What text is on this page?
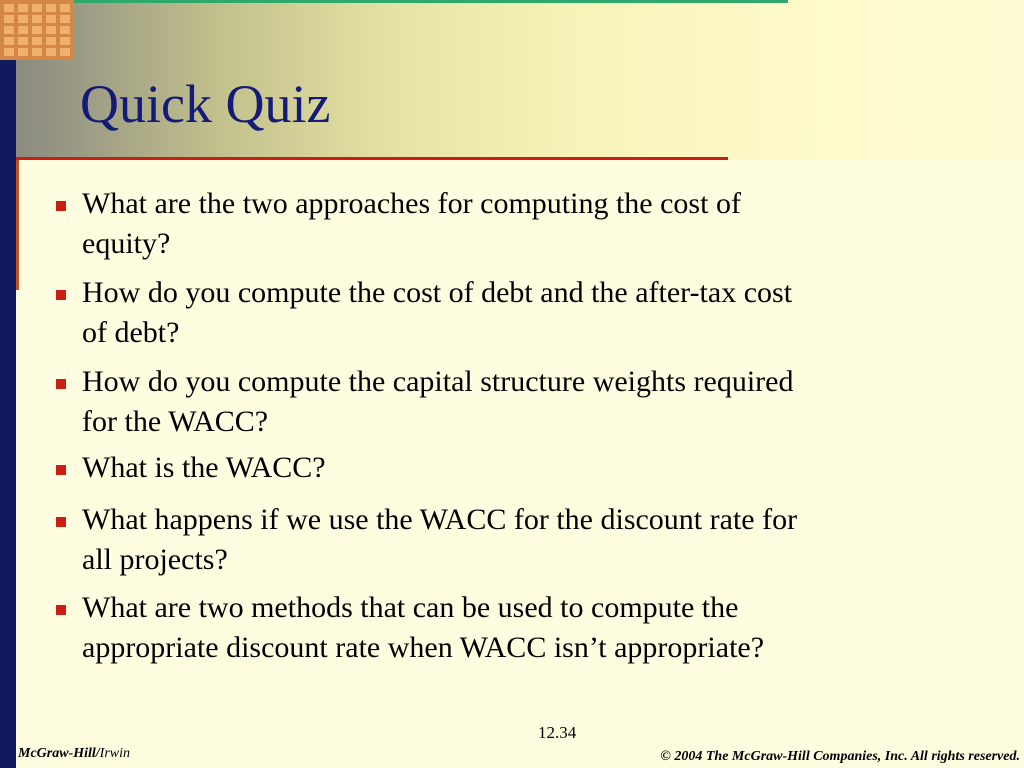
Quick Quiz
What are the two approaches for computing the cost of
equity?
How do you compute the cost of debt and the after-tax cost
of debt?
How do you compute the capital structure weights required
for the WACC?
What is the WACC?
What happens if we use the WACC for the discount rate for
all projects?
What are two methods that can be used to compute the
appropriate discount rate when WACC isn’t appropriate?
12.34
McGraw-Hill/Irwin	© 2004 The McGraw-Hill Companies, Inc. All rights reserved.
